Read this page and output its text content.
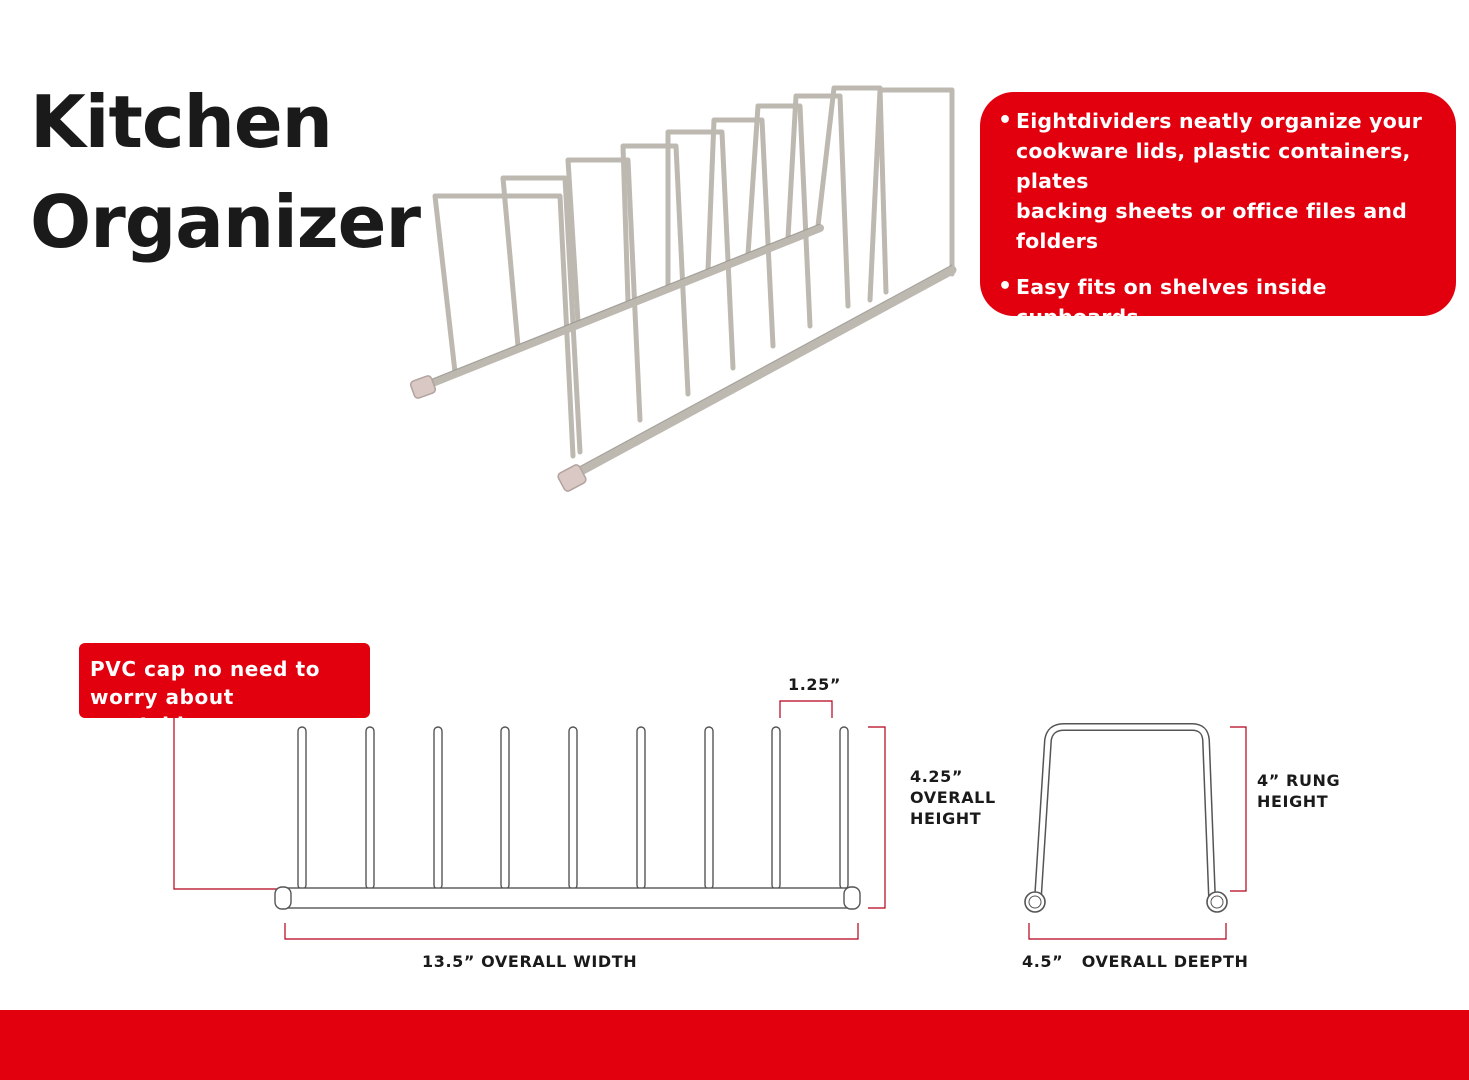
Kitchen
Organizer
• Eightdividers neatly organize your
cookware lids, plastic containers, plates
backing sheets or office files and folders
• Easy fits on shelves inside cupboards
• Sturdy steel construction.
PVC cap no need to
worry about scratching
1.25”
4.25”
OVERALL
HEIGHT
13.5” OVERALL WIDTH
4” RUNG
HEIGHT
4.5”   OVERALL DEEPTH
